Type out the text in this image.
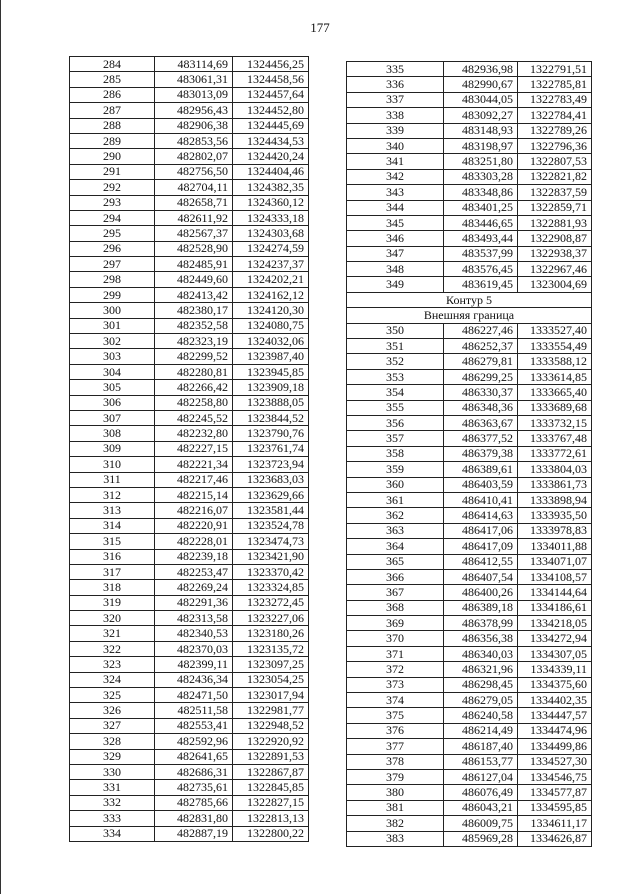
177
284	483114,69	1324456,25
285	483061,31	1324458,56
286	483013,09	1324457,64
287	482956,43	1324452,80
288	482906,38	1324445,69
289	482853,56	1324434,53
290	482802,07	1324420,24
291	482756,50	1324404,46
292	482704,11	1324382,35
293	482658,71	1324360,12
294	482611,92	1324333,18
295	482567,37	1324303,68
296	482528,90	1324274,59
297	482485,91	1324237,37
298	482449,60	1324202,21
299	482413,42	1324162,12
300	482380,17	1324120,30
301	482352,58	1324080,75
302	482323,19	1324032,06
303	482299,52	1323987,40
304	482280,81	1323945,85
305	482266,42	1323909,18
306	482258,80	1323888,05
307	482245,52	1323844,52
308	482232,80	1323790,76
309	482227,15	1323761,74
310	482221,34	1323723,94
311	482217,46	1323683,03
312	482215,14	1323629,66
313	482216,07	1323581,44
314	482220,91	1323524,78
315	482228,01	1323474,73
316	482239,18	1323421,90
317	482253,47	1323370,42
318	482269,24	1323324,85
319	482291,36	1323272,45
320	482313,58	1323227,06
321	482340,53	1323180,26
322	482370,03	1323135,72
323	482399,11	1323097,25
324	482436,34	1323054,25
325	482471,50	1323017,94
326	482511,58	1322981,77
327	482553,41	1322948,52
328	482592,96	1322920,92
329	482641,65	1322891,53
330	482686,31	1322867,87
331	482735,61	1322845,85
332	482785,66	1322827,15
333	482831,80	1322813,13
334	482887,19	1322800,22
335	482936,98	1322791,51
336	482990,67	1322785,81
337	483044,05	1322783,49
338	483092,27	1322784,41
339	483148,93	1322789,26
340	483198,97	1322796,36
341	483251,80	1322807,53
342	483303,28	1322821,82
343	483348,86	1322837,59
344	483401,25	1322859,71
345	483446,65	1322881,93
346	483493,44	1322908,87
347	483537,99	1322938,37
348	483576,45	1322967,46
349	483619,45	1323004,69
Контур 5		
Внешняя граница		
350	486227,46	1333527,40
351	486252,37	1333554,49
352	486279,81	1333588,12
353	486299,25	1333614,85
354	486330,37	1333665,40
355	486348,36	1333689,68
356	486363,67	1333732,15
357	486377,52	1333767,48
358	486379,38	1333772,61
359	486389,61	1333804,03
360	486403,59	1333861,73
361	486410,41	1333898,94
362	486414,63	1333935,50
363	486417,06	1333978,83
364	486417,09	1334011,88
365	486412,55	1334071,07
366	486407,54	1334108,57
367	486400,26	1334144,64
368	486389,18	1334186,61
369	486378,99	1334218,05
370	486356,38	1334272,94
371	486340,03	1334307,05
372	486321,96	1334339,11
373	486298,45	1334375,60
374	486279,05	1334402,35
375	486240,58	1334447,57
376	486214,49	1334474,96
377	486187,40	1334499,86
378	486153,77	1334527,30
379	486127,04	1334546,75
380	486076,49	1334577,87
381	486043,21	1334595,85
382	486009,75	1334611,17
383	485969,28	1334626,87
